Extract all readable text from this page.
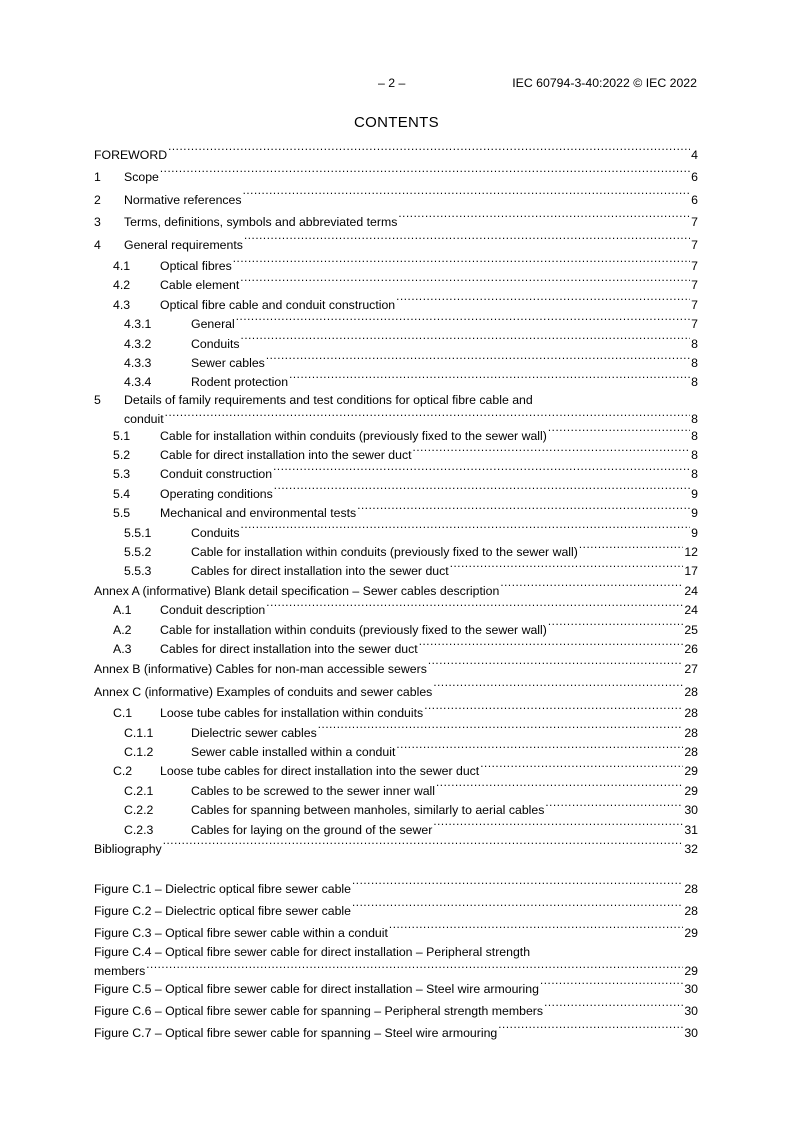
– 2 –	IEC 60794-3-40:2022 © IEC 2022
CONTENTS
FOREWORD .....	4
1	Scope .....	6
2	Normative references .....	6
3	Terms, definitions, symbols and abbreviated terms .....	7
4	General requirements .....	7
4.1	Optical fibres .....	7
4.2	Cable element .....	7
4.3	Optical fibre cable and conduit construction .....	7
4.3.1	General .....	7
4.3.2	Conduits .....	8
4.3.3	Sewer cables .....	8
4.3.4	Rodent protection .....	8
5 Details of family requirements and test conditions for optical fibre cable and
conduit .....	8
5.1	Cable for installation within conduits (previously fixed to the sewer wall) .....	8
5.2	Cable for direct installation into the sewer duct .....	8
5.3	Conduit construction .....	8
5.4	Operating conditions .....	9
5.5	Mechanical and environmental tests .....	9
5.5.1	Conduits .....	9
5.5.2	Cable for installation within conduits (previously fixed to the sewer wall) .....	12
5.5.3	Cables for direct installation into the sewer duct .....	17
Annex A (informative) Blank detail specification – Sewer cables description .....	24
A.1	Conduit description .....	24
A.2	Cable for installation within conduits (previously fixed to the sewer wall) .....	25
A.3	Cables for direct installation into the sewer duct .....	26
Annex B (informative) Cables for non-man accessible sewers .....	27
Annex C (informative) Examples of conduits and sewer cables .....	28
C.1	Loose tube cables for installation within conduits .....	28
C.1.1	Dielectric sewer cables .....	28
C.1.2	Sewer cable installed within a conduit .....	28
C.2	Loose tube cables for direct installation into the sewer duct .....	29
C.2.1	Cables to be screwed to the sewer inner wall .....	29
C.2.2	Cables for spanning between manholes, similarly to aerial cables .....	30
C.2.3	Cables for laying on the ground of the sewer .....	31
Bibliography .....	32
Figure C.1 – Dielectric optical fibre sewer cable .....	28
Figure C.2 – Dielectric optical fibre sewer cable .....	28
Figure C.3 – Optical fibre sewer cable within a conduit .....	29
Figure C.4 – Optical fibre sewer cable for direct installation – Peripheral strength
members .....	29
Figure C.5 – Optical fibre sewer cable for direct installation – Steel wire armouring .....	30
Figure C.6 – Optical fibre sewer cable for spanning – Peripheral strength members .....	30
Figure C.7 – Optical fibre sewer cable for spanning – Steel wire armouring .....	30
